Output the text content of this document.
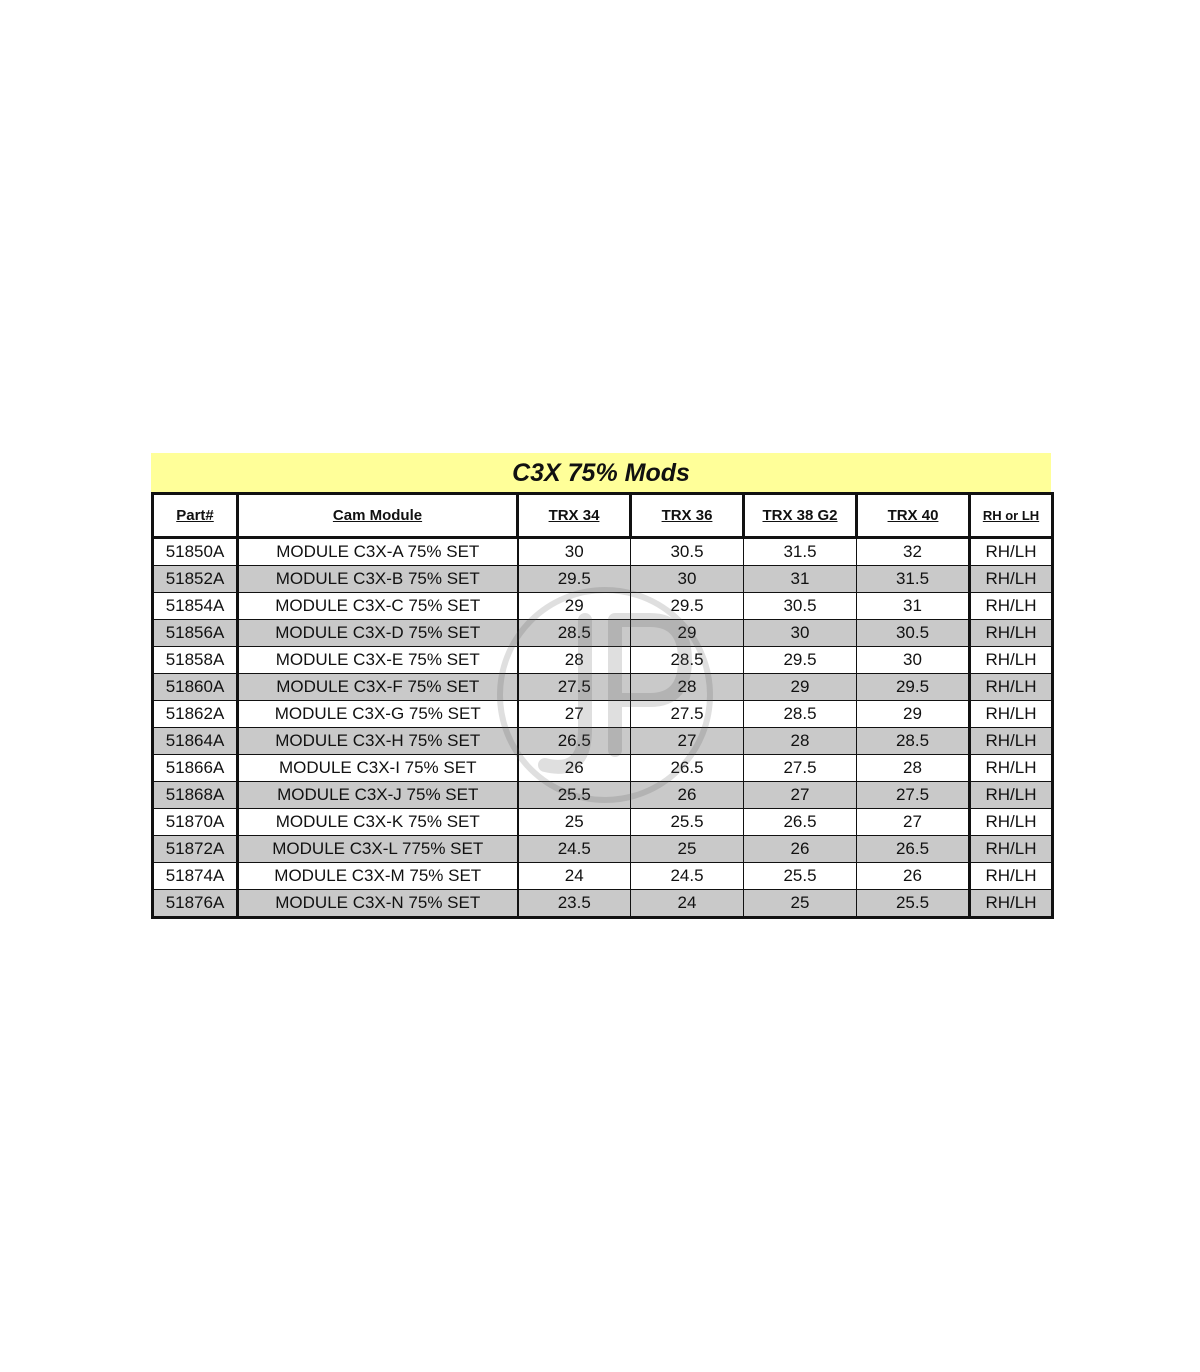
C3X 75% Mods
Part#	Cam Module	TRX 34	TRX 36	TRX 38 G2	TRX 40	RH or LH
51850A	MODULE C3X-A 75% SET	30	30.5	31.5	32	RH/LH
51852A	MODULE C3X-B 75% SET	29.5	30	31	31.5	RH/LH
51854A	MODULE C3X-C 75% SET	29	29.5	30.5	31	RH/LH
51856A	MODULE C3X-D 75% SET	28.5	29	30	30.5	RH/LH
51858A	MODULE C3X-E 75% SET	28	28.5	29.5	30	RH/LH
51860A	MODULE C3X-F 75% SET	27.5	28	29	29.5	RH/LH
51862A	MODULE C3X-G 75% SET	27	27.5	28.5	29	RH/LH
51864A	MODULE C3X-H 75% SET	26.5	27	28	28.5	RH/LH
51866A	MODULE C3X-I 75% SET	26	26.5	27.5	28	RH/LH
51868A	MODULE C3X-J 75% SET	25.5	26	27	27.5	RH/LH
51870A	MODULE C3X-K 75% SET	25	25.5	26.5	27	RH/LH
51872A	MODULE C3X-L 775% SET	24.5	25	26	26.5	RH/LH
51874A	MODULE C3X-M 75% SET	24	24.5	25.5	26	RH/LH
51876A	MODULE C3X-N 75% SET	23.5	24	25	25.5	RH/LH
